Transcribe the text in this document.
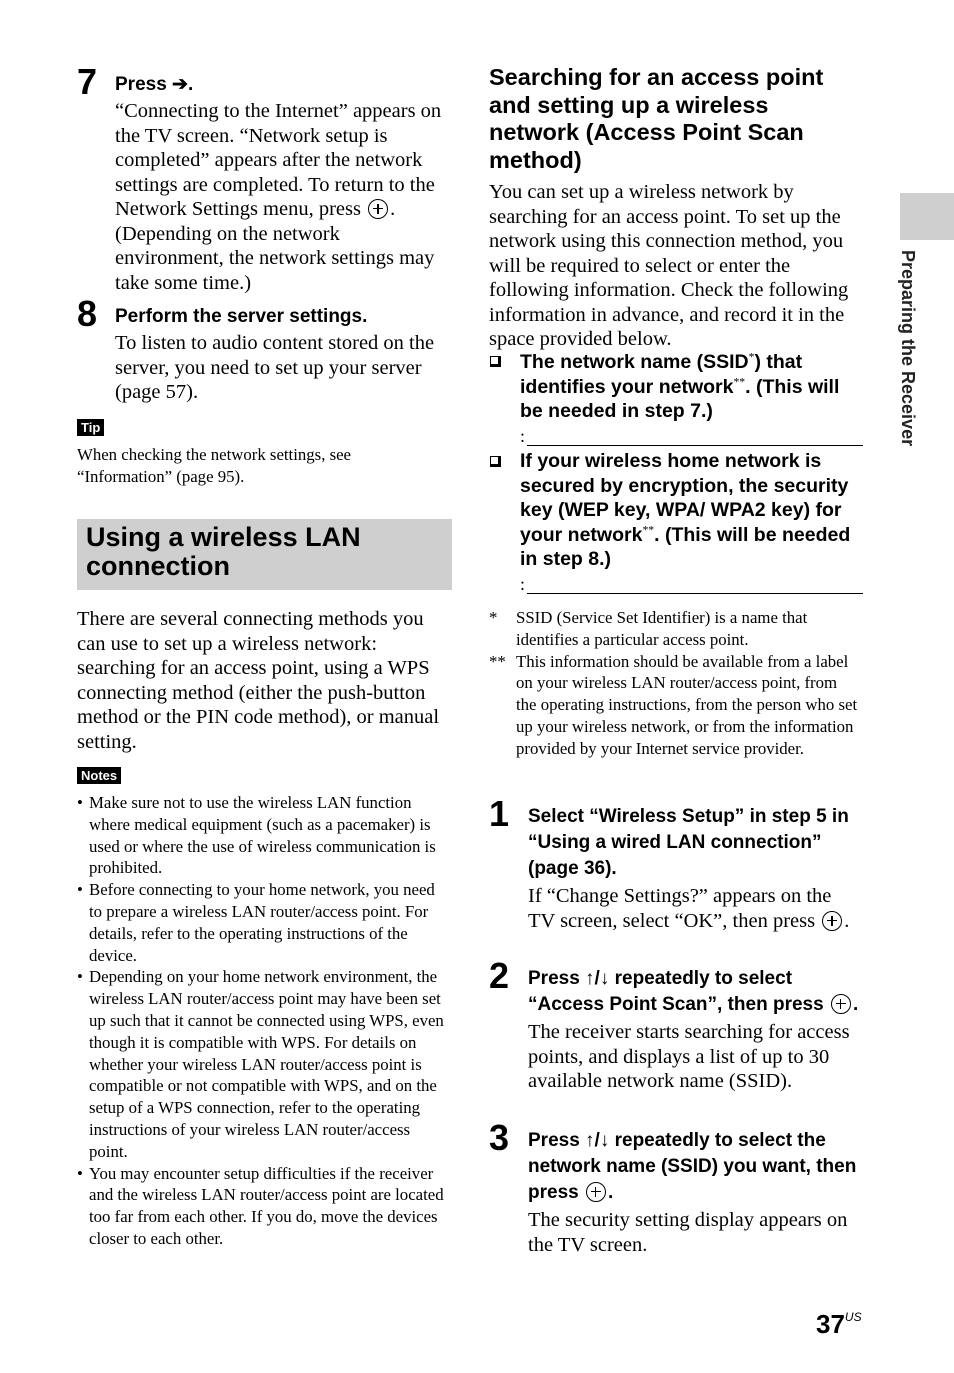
7 Press ➔.
“Connecting to the Internet” appears on the TV screen. “Network setup is completed” appears after the network settings are completed. To return to the Network Settings menu, press . (Depending on the network environment, the network settings may take some time.)
8 Perform the server settings.
To listen to audio content stored on the server, you need to set up your server (page 57).
Tip
When checking the network settings, see “Information” (page 95).
Using a wireless LAN connection
There are several connecting methods you can use to set up a wireless network: searching for an access point, using a WPS connecting method (either the push-button method or the PIN code method), or manual setting.
Notes
• Make sure not to use the wireless LAN function where medical equipment (such as a pacemaker) is used or where the use of wireless communication is prohibited.
• Before connecting to your home network, you need to prepare a wireless LAN router/access point. For details, refer to the operating instructions of the device.
• Depending on your home network environment, the wireless LAN router/access point may have been set up such that it cannot be connected using WPS, even though it is compatible with WPS. For details on whether your wireless LAN router/access point is compatible or not compatible with WPS, and on the setup of a WPS connection, refer to the operating instructions of your wireless LAN router/access point.
• You may encounter setup difficulties if the receiver and the wireless LAN router/access point are located too far from each other. If you do, move the devices closer to each other.
Searching for an access point and setting up a wireless network (Access Point Scan method)
You can set up a wireless network by searching for an access point. To set up the network using this connection method, you will be required to select or enter the following information. Check the following information in advance, and record it in the space provided below.
The network name (SSID*) that identifies your network**. (This will be needed in step 7.)
:
If your wireless home network is secured by encryption, the security key (WEP key, WPA/ WPA2 key) for your network**. (This will be needed in step 8.)
:
* SSID (Service Set Identifier) is a name that identifies a particular access point.
** This information should be available from a label on your wireless LAN router/access point, from the operating instructions, from the person who set up your wireless network, or from the information provided by your Internet service provider.
1 Select “Wireless Setup” in step 5 in “Using a wired LAN connection” (page 36).
If “Change Settings?” appears on the TV screen, select “OK”, then press .
2 Press ↑/↓ repeatedly to select “Access Point Scan”, then press .
The receiver starts searching for access points, and displays a list of up to 30 available network name (SSID).
3 Press ↑/↓ repeatedly to select the network name (SSID) you want, then press .
The security setting display appears on the TV screen.
Preparing the Receiver
$37^{US}$
